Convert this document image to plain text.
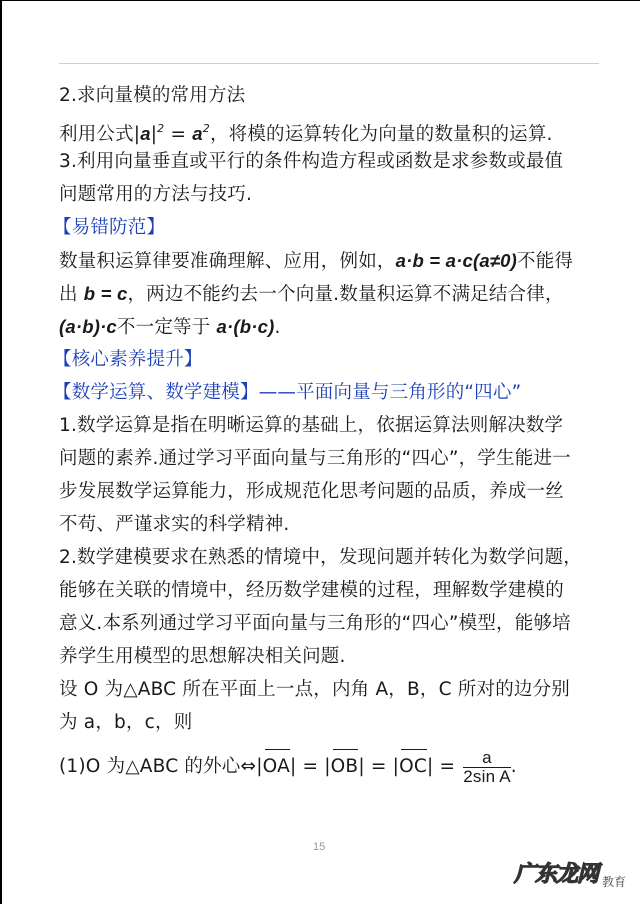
2.求向量模的常用方法
利用公式$|a|^2 = a^2$，将模的运算转化为向量的数量积的运算.
3.利用向量垂直或平行的条件构造方程或函数是求参数或最值
问题常用的方法与技巧.
【易错防范】
数量积运算律要准确理解、应用，例如，a·b = a·c(a≠0)不能得
出 b = c，两边不能约去一个向量.数量积运算不满足结合律，
(a·b)·c不一定等于 a·(b·c).
【核心素养提升】
【数学运算、数学建模】——平面向量与三角形的“四心”
1.数学运算是指在明晰运算的基础上，依据运算法则解决数学
问题的素养.通过学习平面向量与三角形的“四心”，学生能进一
步发展数学运算能力，形成规范化思考问题的品质，养成一丝
不苟、严谨求实的科学精神.
2.数学建模要求在熟悉的情境中，发现问题并转化为数学问题，
能够在关联的情境中，经历数学建模的过程，理解数学建模的
意义.本系列通过学习平面向量与三角形的“四心”模型，能够培
养学生用模型的思想解决相关问题.
设 O 为△ABC 所在平面上一点，内角 A，B，C 所对的边分别
为 a，b，c，则
(1)O 为△ABC 的外心⇔|OA| = $|OB| = |OC| = \frac{a}{\text{2sin A}}$ .
15
广东龙网 教育
